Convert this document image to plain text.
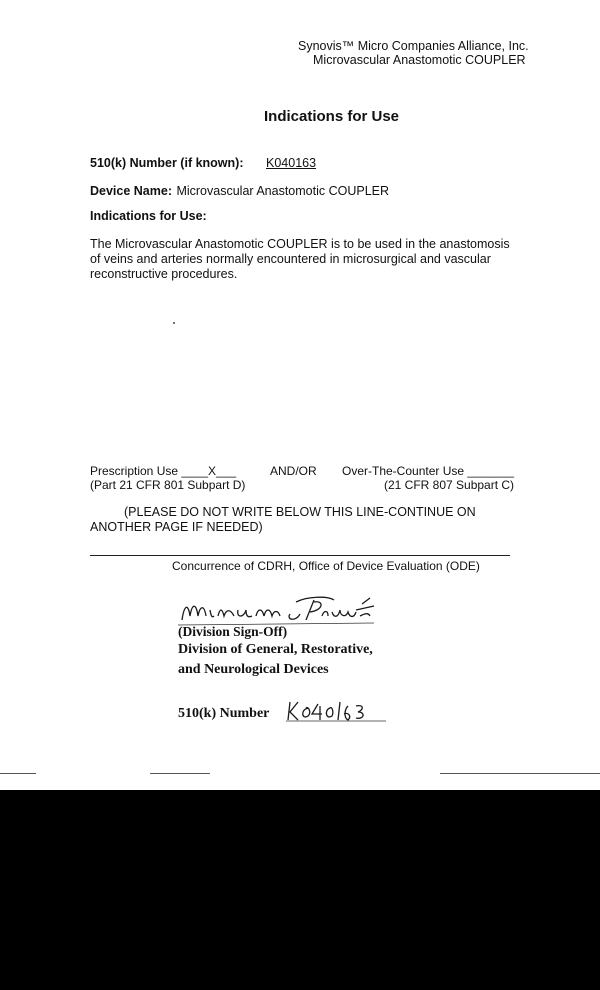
Synovis™ Micro Companies Alliance, Inc.
Microvascular Anastomotic COUPLER
Indications for Use
510(k) Number (if known): K040163
Device Name: Microvascular Anastomotic COUPLER
Indications for Use:
The Microvascular Anastomotic COUPLER is to be used in the anastomosis of veins and arteries normally encountered in microsurgical and vascular reconstructive procedures.
Prescription Use ____X___
(Part 21 CFR 801 Subpart D)
AND/OR Over-The-Counter Use _______
(21 CFR 807 Subpart C)
(PLEASE DO NOT WRITE BELOW THIS LINE-CONTINUE ON ANOTHER PAGE IF NEEDED)
Concurrence of CDRH, Office of Device Evaluation (ODE)
(Division Sign-Off)
Division of General, Restorative,
and Neurological Devices
510(k) Number
